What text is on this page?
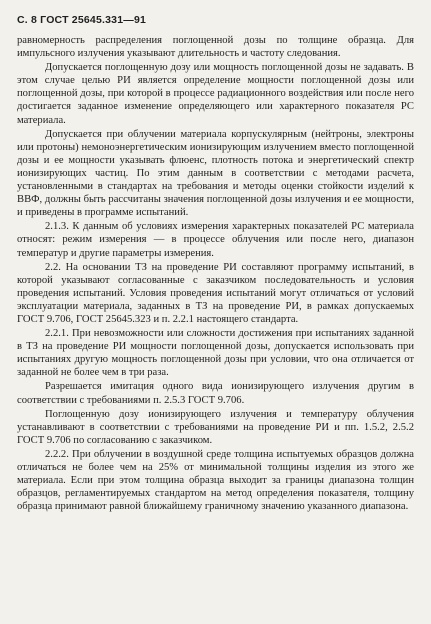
С. 8 ГОСТ 25645.331—91

равномерность распределения поглощенной дозы по толщине образца. Для импульсного излучения указывают длительность и частоту следования.

Допускается поглощенную дозу или мощность поглощенной дозы не задавать. В этом случае целью РИ является определение мощности поглощенной дозы или поглощенной дозы, при которой в процессе радиационного воздействия или после него достигается заданное изменение определяющего или характерного показателя РС материала.

Допускается при облучении материала корпускулярным (нейтроны, электроны или протоны) немоноэнергетическим ионизирующим излучением вместо поглощенной дозы и ее мощности указывать флюенс, плотность потока и энергетический спектр ионизирующих частиц. По этим данным в соответствии с методами расчета, установленными в стандартах на требования и методы оценки стойкости изделий к ВВФ, должны быть рассчитаны значения поглощенной дозы излучения и ее мощности, и приведены в программе испытаний.

2.1.3. К данным об условиях измерения характерных показателей РС материала относят: режим измерения — в процессе облучения или после него, диапазон температур и другие параметры измерения.

2.2. На основании ТЗ на проведение РИ составляют программу испытаний, в которой указывают согласованные с заказчиком последовательность и условия проведения испытаний. Условия проведения испытаний могут отличаться от условий эксплуатации материала, заданных в ТЗ на проведение РИ, в рамках допускаемых ГОСТ 9.706, ГОСТ 25645.323 и п. 2.2.1 настоящего стандарта.

2.2.1. При невозможности или сложности достижения при испытаниях заданной в ТЗ на проведение РИ мощности поглощенной дозы, допускается использовать при испытаниях другую мощность поглощенной дозы при условии, что она отличается от заданной не более чем в три раза.

Разрешается имитация одного вида ионизирующего излучения другим в соответствии с требованиями п. 2.5.3 ГОСТ 9.706.

Поглощенную дозу ионизирующего излучения и температуру облучения устанавливают в соответствии с требованиями на проведение РИ и пп. 1.5.2, 2.5.2 ГОСТ 9.706 по согласованию с заказчиком.

2.2.2. При облучении в воздушной среде толщина испытуемых образцов должна отличаться не более чем на 25% от минимальной толщины изделия из этого же материала. Если при этом толщина образца выходит за границы диапазона толщин образцов, регламентируемых стандартом на метод определения показателя, толщину образца принимают равной ближайшему граничному значению указанного диапазона.
